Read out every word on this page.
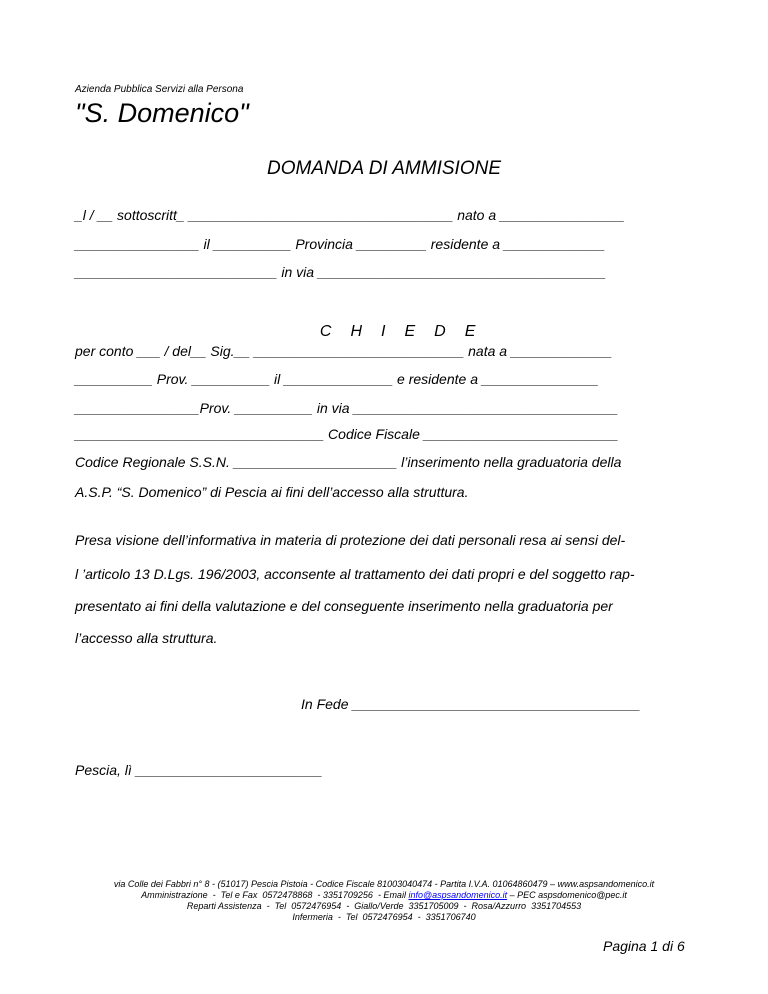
Azienda Pubblica Servizi alla Persona
"S. Domenico"
DOMANDA DI AMMISIONE
_l / __ sottoscritt_ __________________________________ nato a ________________
________________ il __________ Provincia _________ residente a _____________
__________________________ in via _____________________________________

C H I E D E

per conto ___ / del__ Sig.__ ___________________________ nata a _____________
__________ Prov. __________ il ______________ e residente a _______________
________________Prov. __________ in via __________________________________
________________________________ Codice Fiscale _________________________
Codice Regionale S.S.N. _____________________ l’inserimento nella graduatoria della
A.S.P. “S. Domenico” di Pescia ai fini dell’accesso alla struttura.
Presa visione dell’informativa in materia di protezione dei dati personali resa ai sensi del-
l ’articolo 13 D.Lgs. 196/2003, acconsente al trattamento dei dati propri e del soggetto rap-
presentato ai fini della valutazione e del conseguente inserimento nella graduatoria per
l’accesso alla struttura.
In Fede _____________________________________
Pescia, lì ________________________
via Colle dei Fabbri n° 8 - (51017) Pescia Pistoia - Codice Fiscale 81003040474 - Partita I.V.A. 01064860479 – www.aspsandomenico.it
Amministrazione  -  Tel e Fax  0572478868  - 3351709256  - Email info@aspsandomenico.it – PEC aspsdomenico@pec.it
Reparti Assistenza  -  Tel  0572476954  -  Giallo/Verde  3351705009  -  Rosa/Azzurro  3351704553
Infermeria  -  Tel  0572476954  -  3351706740
Pagina 1 di 6
